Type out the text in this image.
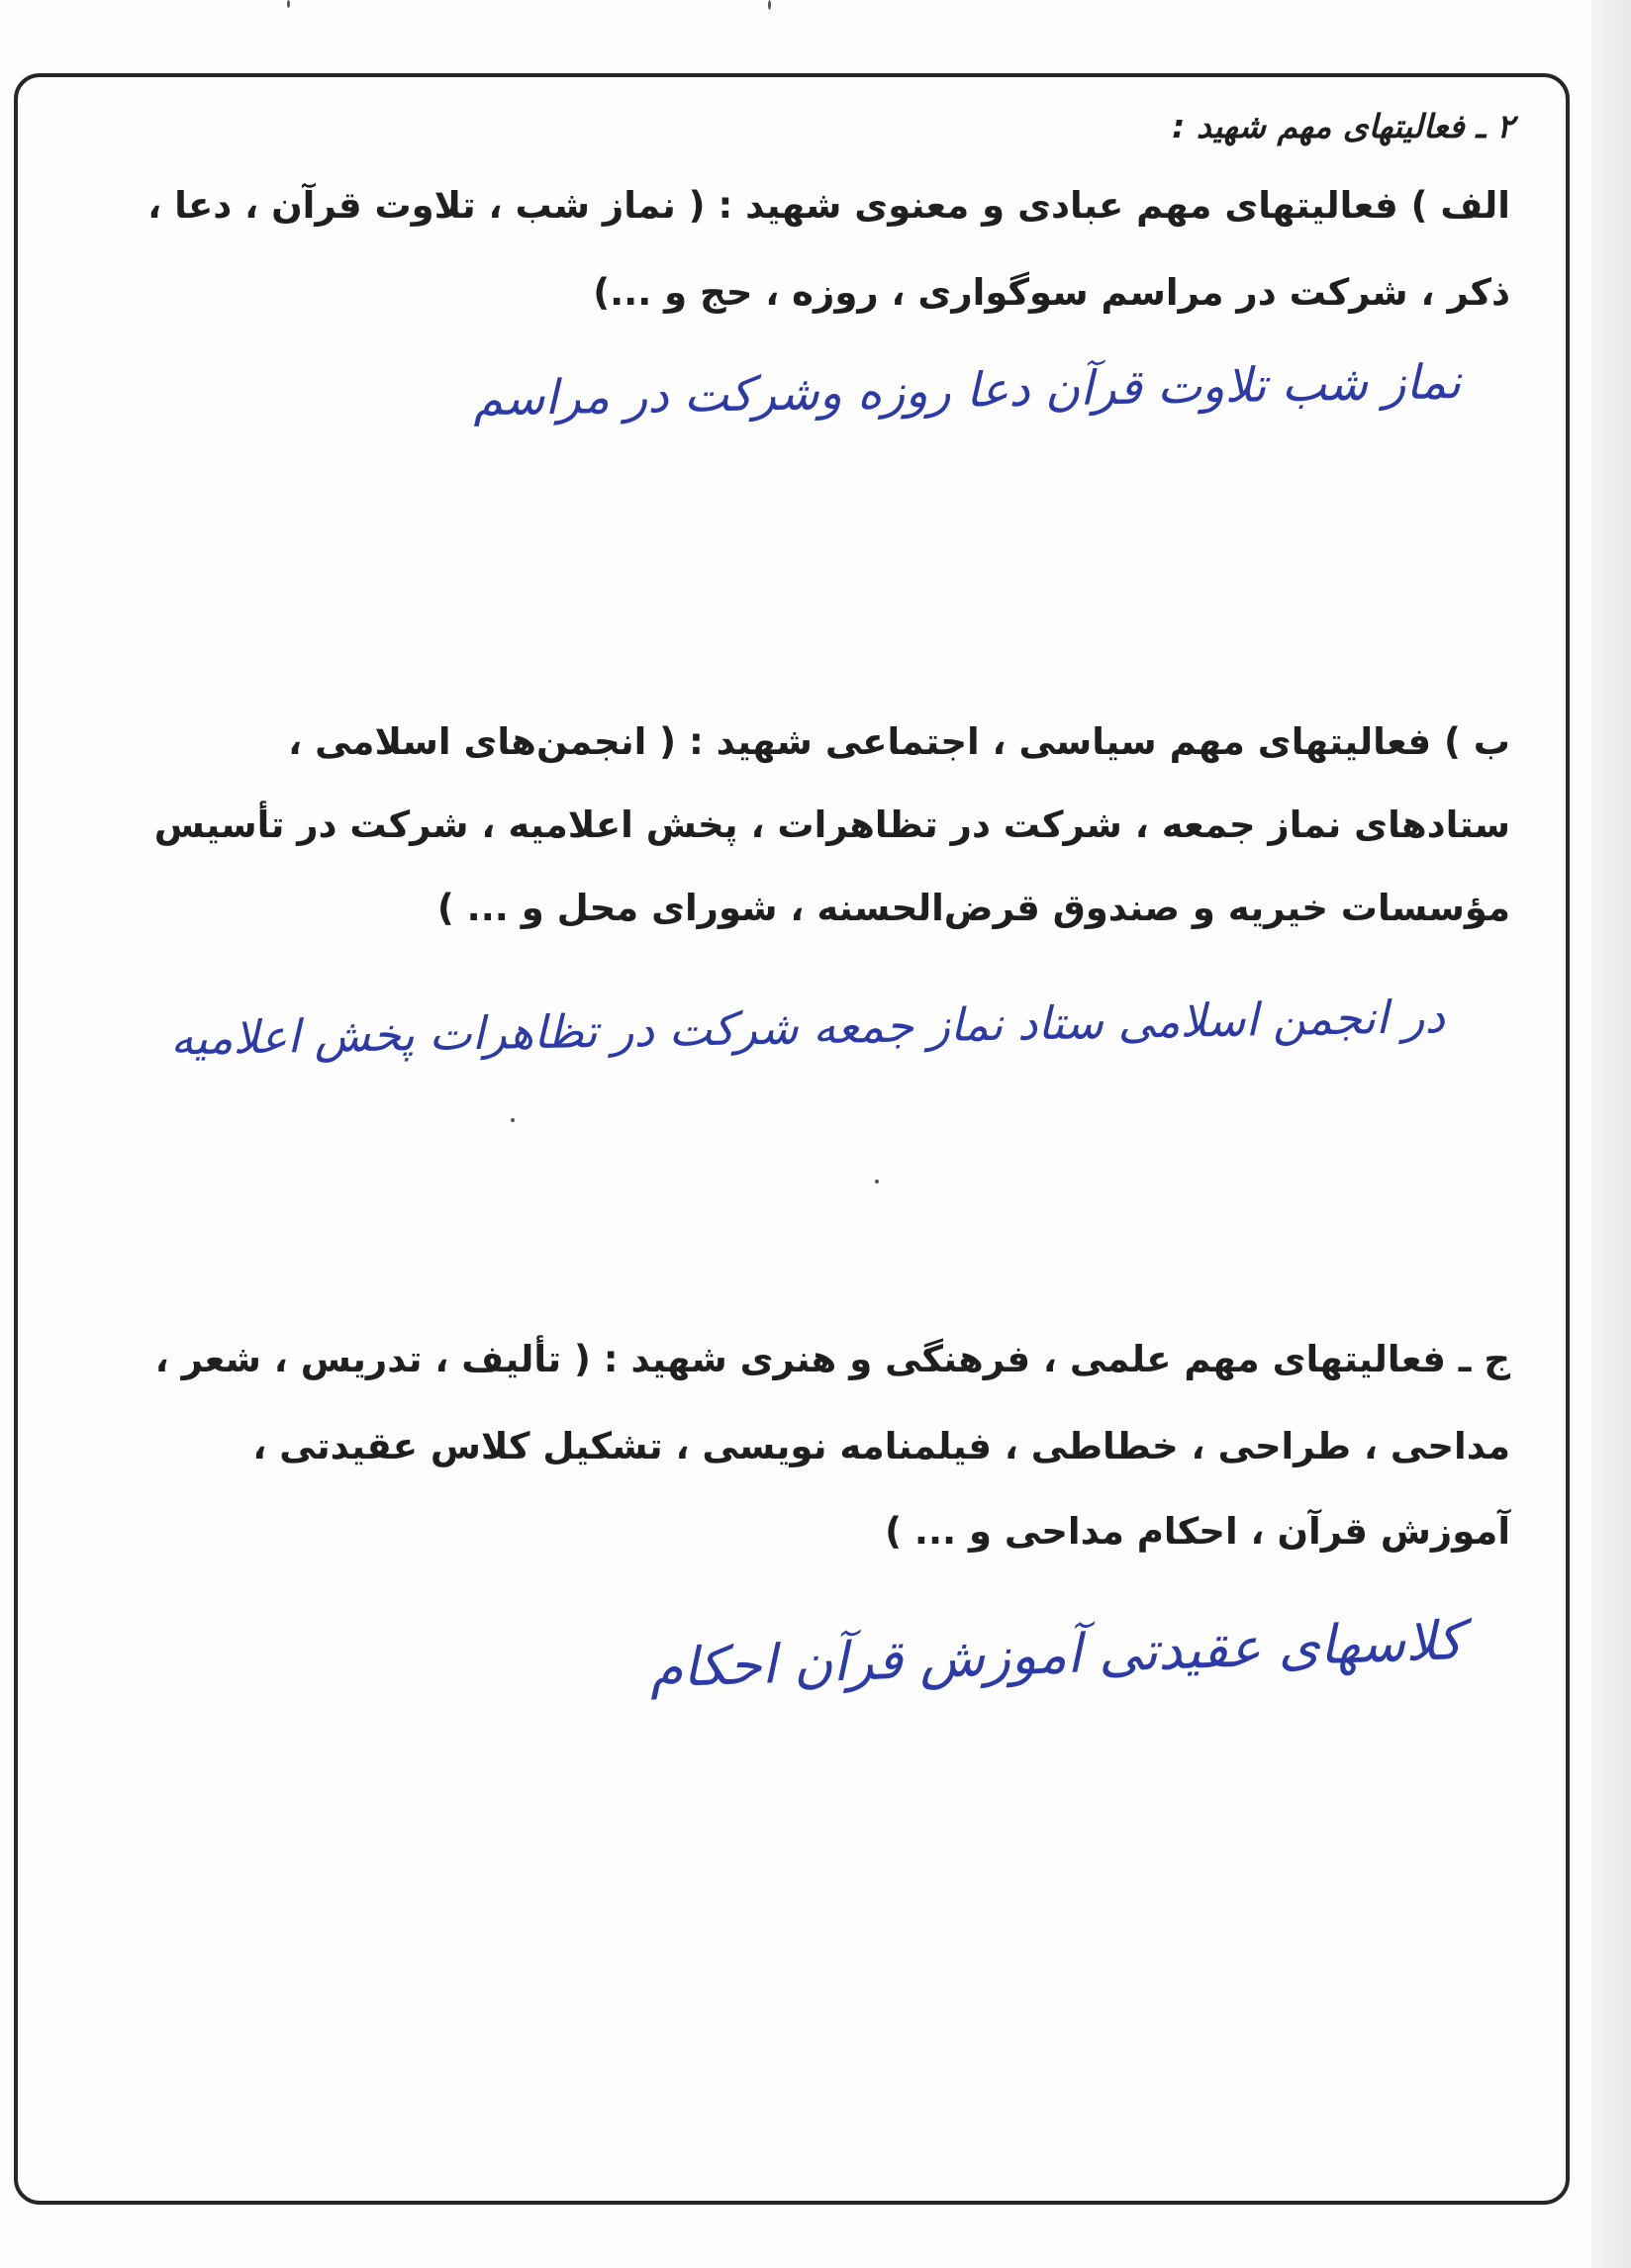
۲ ـ فعالیتهای مهم شهید :
الف ) فعالیتهای مهم عبادی و معنوی شهید : ( نماز شب ، تلاوت قرآن ، دعا ،
ذکر ، شرکت در مراسم سوگواری ، روزه ، حج و ...)
نماز شب تلاوت قرآن دعا روزه وشرکت در مراسم
ب ) فعالیتهای مهم سیاسی ، اجتماعی شهید : ( انجمن‌های اسلامی ،
ستادهای نماز جمعه ، شرکت در تظاهرات ، پخش اعلامیه ، شرکت در تأسیس
مؤسسات خیریه و صندوق قرض‌الحسنه ، شورای محل و ... )
در انجمن اسلامی ستاد نماز جمعه شرکت در تظاهرات پخش اعلامیه
ج ـ فعالیتهای مهم علمی ، فرهنگی و هنری شهید : ( تألیف ، تدریس ، شعر ،
مداحی ، طراحی ، خطاطی ، فیلمنامه نویسی ، تشکیل کلاس عقیدتی ،
آموزش قرآن ، احکام مداحی و ... )
کلاسهای عقیدتی آموزش قرآن احکام
